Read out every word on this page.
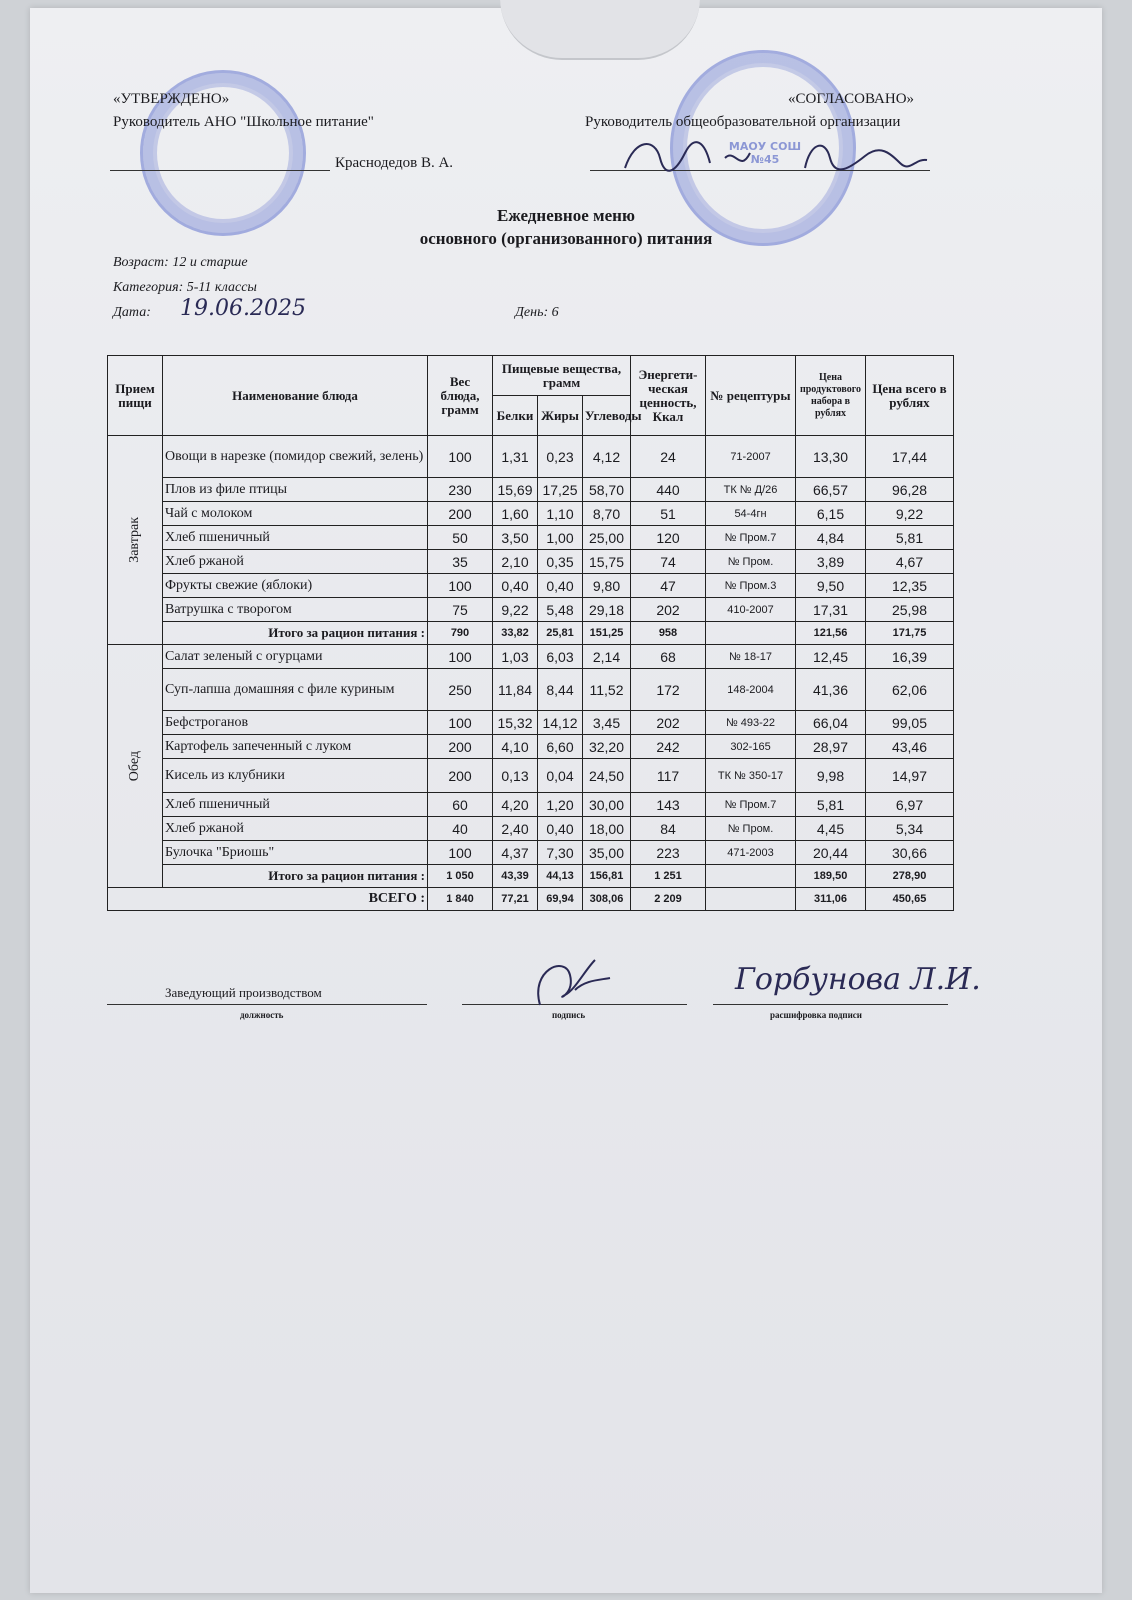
МАОУ СОШ №45
«УТВЕРЖДЕНО»
Руководитель АНО "Школьное питание"
Краснодедов В. А.
«СОГЛАСОВАНО»
Руководитель общеобразовательной организации
Ежедневное меню
основного (организованного) питания
Возраст: 12 и старше
Категория: 5-11 классы
Дата: 19.06.2025	День: 6
Прием пищи	Наименование блюда	Вес блюда, грамм	Пищевые вещества, грамм			Энергети-ческая ценность, Ккал	№ рецептуры	Цена продуктового набора в рублях	Цена всего в рублях
			Белки	Жиры	Углеводы				

Завтрак	Овощи в нарезке (помидор свежий, зелень)	100	1,31	0,23	4,12	24	71-2007	13,30	17,44
	Плов из филе птицы	230	15,69	17,25	58,70	440	ТК № Д/26	66,57	96,28
	Чай с молоком	200	1,60	1,10	8,70	51	54-4гн	6,15	9,22
	Хлеб пшеничный	50	3,50	1,00	25,00	120	№ Пром.7	4,84	5,81
	Хлеб ржаной	35	2,10	0,35	15,75	74	№ Пром.	3,89	4,67
	Фрукты свежие (яблоки)	100	0,40	0,40	9,80	47	№ Пром.3	9,50	12,35
	Ватрушка с творогом	75	9,22	5,48	29,18	202	410-2007	17,31	25,98
	Итого за рацион питания :	790	33,82	25,81	151,25	958		121,56	171,75

Обед	Салат зеленый с огурцами	100	1,03	6,03	2,14	68	№ 18-17	12,45	16,39
	Суп-лапша домашняя с филе куриным	250	11,84	8,44	11,52	172	148-2004	41,36	62,06
	Бефстроганов	100	15,32	14,12	3,45	202	№ 493-22	66,04	99,05
	Картофель запеченный с луком	200	4,10	6,60	32,20	242	302-165	28,97	43,46
	Кисель из клубники	200	0,13	0,04	24,50	117	ТК № 350-17	9,98	14,97
	Хлеб пшеничный	60	4,20	1,20	30,00	143	№ Пром.7	5,81	6,97
	Хлеб ржаной	40	2,40	0,40	18,00	84	№ Пром.	4,45	5,34
	Булочка "Бриошь"	100	4,37	7,30	35,00	223	471-2003	20,44	30,66
	Итого за рацион питания :	1 050	43,39	44,13	156,81	1 251		189,50	278,90
ВСЕГО :		1 840	77,21	69,94	308,06	2 209		311,06	450,65
Заведующий производством
должность	подпись
Горбунова Л.И.
расшифровка подписи
